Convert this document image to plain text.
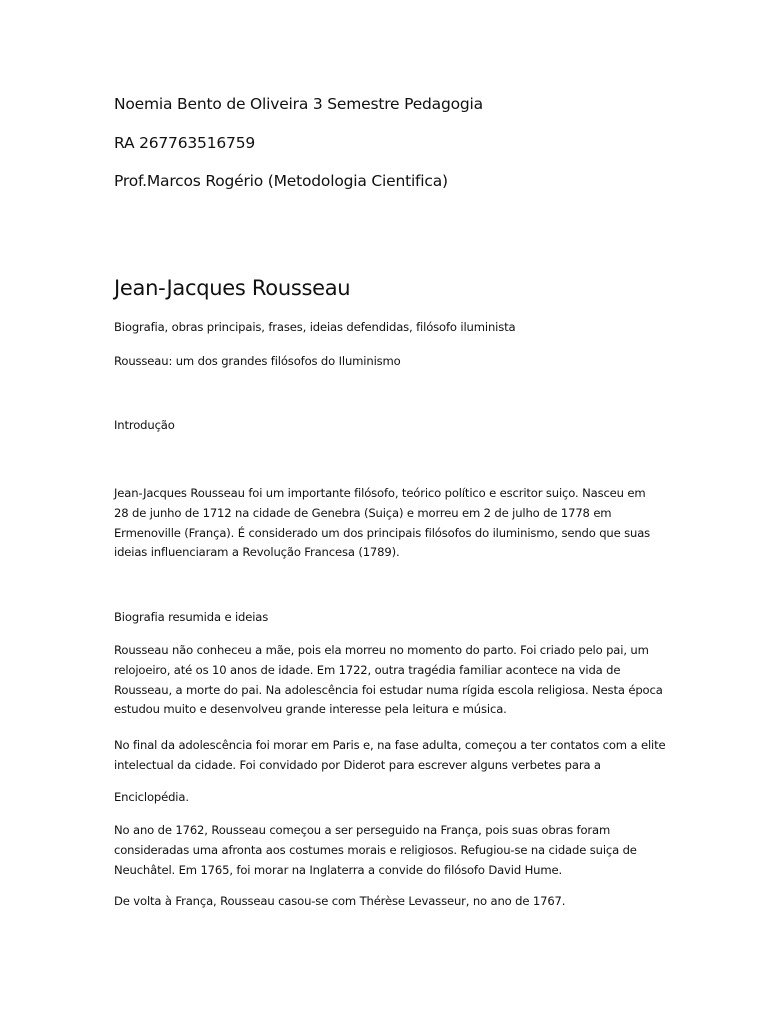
Noemia Bento de Oliveira 3 Semestre Pedagogia
RA 267763516759
Prof.Marcos Rogério (Metodologia Cientifica)
Jean-Jacques Rousseau
Biografia, obras principais, frases, ideias defendidas, filósofo iluminista
Rousseau: um dos grandes filósofos do Iluminismo
Introdução
Jean-Jacques Rousseau foi um importante filósofo, teórico político e escritor suiço. Nasceu em
28 de junho de 1712 na cidade de Genebra (Suiça) e morreu em 2 de julho de 1778 em
Ermenoville (França). É considerado um dos principais filósofos do iluminismo, sendo que suas
ideias influenciaram a Revolução Francesa (1789).
Biografia resumida e ideias
Rousseau não conheceu a mãe, pois ela morreu no momento do parto. Foi criado pelo pai, um
relojoeiro, até os 10 anos de idade. Em 1722, outra tragédia familiar acontece na vida de
Rousseau, a morte do pai. Na adolescência foi estudar numa rígida escola religiosa. Nesta época
estudou muito e desenvolveu grande interesse pela leitura e música.
No final da adolescência foi morar em Paris e, na fase adulta, começou a ter contatos com a elite
intelectual da cidade. Foi convidado por Diderot para escrever alguns verbetes para a
Enciclopédia.
No ano de 1762, Rousseau começou a ser perseguido na França, pois suas obras foram
consideradas uma afronta aos costumes morais e religiosos. Refugiou-se na cidade suiça de
Neuchâtel. Em 1765, foi morar na Inglaterra a convide do filósofo David Hume.
De volta à França, Rousseau casou-se com Thérèse Levasseur, no ano de 1767.
